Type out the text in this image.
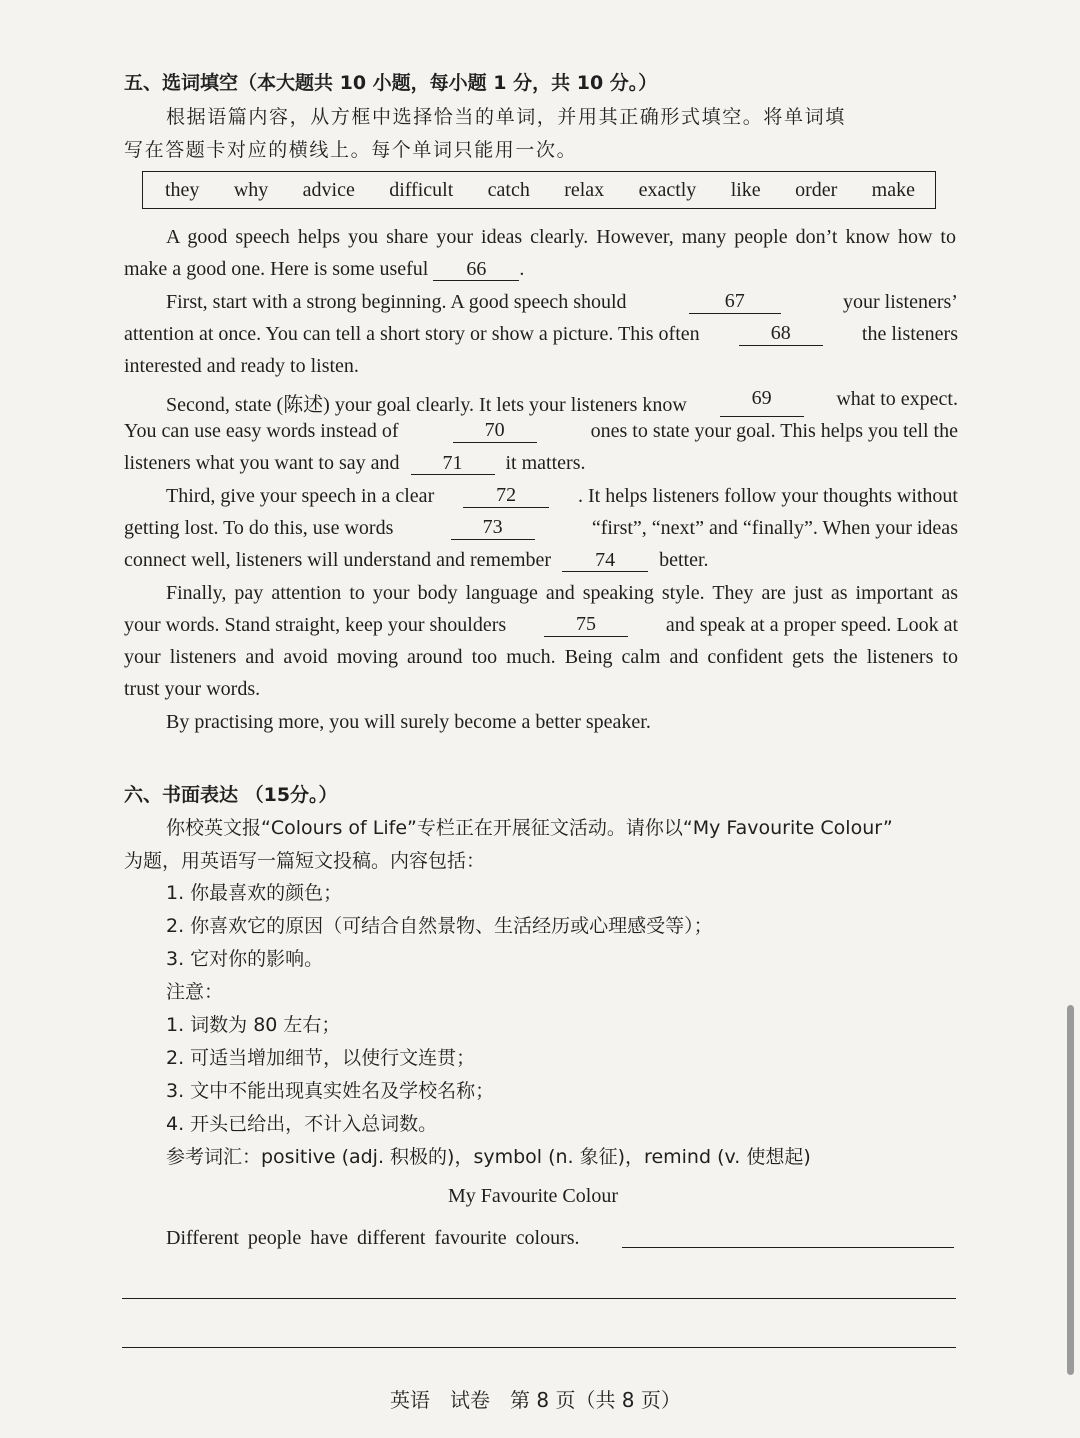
五、选词填空（本大题共 10 小题，每小题 1 分，共 10 分。）
根据语篇内容，从方框中选择恰当的单词，并用其正确形式填空。将单词填
写在答题卡对应的横线上。每个单词只能用一次。
they why advice difficult catch relax exactly like order make
A good speech helps you share your ideas clearly. However, many people don’t know how to
make a good one. Here is some useful 66 .
First, start with a strong beginning. A good speech should	67	your listeners’
attention at once. You can tell a short story or show a picture. This often	68	the listeners
interested and ready to listen.
Second, state (陈述) your goal clearly. It lets your listeners know	69	what to expect.
You can use easy words instead of	70	ones to state your goal. This helps you tell the
listeners what you want to say and 71 it matters.
Third, give your speech in a clear	72	. It helps listeners follow your thoughts without
getting lost. To do this, use words	73	“first”, “next” and “finally”. When your ideas
connect well, listeners will understand and remember 74 better.
Finally, pay attention to your body language and speaking style. They are just as important as
your words. Stand straight, keep your shoulders	75	and speak at a proper speed. Look at
your listeners and avoid moving around too much. Being calm and confident gets the listeners to
trust your words.
By practising more, you will surely become a better speaker.
六、书面表达 （15分。）
你校英文报“Colours of Life”专栏正在开展征文活动。请你以“My Favourite Colour”
为题，用英语写一篇短文投稿。内容包括：
1. 你最喜欢的颜色；
2. 你喜欢它的原因（可结合自然景物、生活经历或心理感受等）；
3. 它对你的影响。
注意：
1. 词数为 80 左右；
2. 可适当增加细节，以使行文连贯；
3. 文中不能出现真实姓名及学校名称；
4. 开头已给出，不计入总词数。
参考词汇：positive (adj. 积极的)，symbol (n. 象征)，remind (v. 使想起)
My Favourite Colour
Different people have different favourite colours.
英语　试卷　第 8 页（共 8 页）
